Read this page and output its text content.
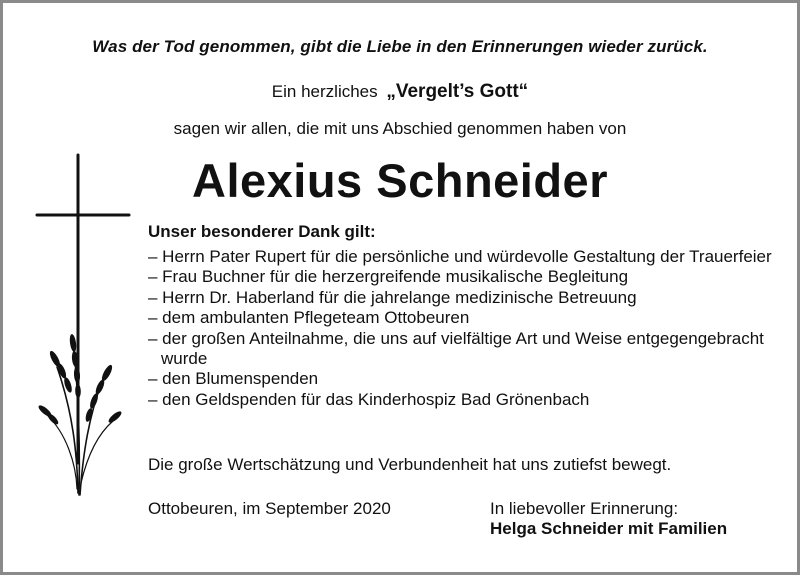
Was der Tod genommen, gibt die Liebe in den Erinnerungen wieder zurück.
Ein herzliches „Vergelt’s Gott“
sagen wir allen, die mit uns Abschied genommen haben von
Alexius Schneider
Unser besonderer Dank gilt:
– Herrn Pater Rupert für die persönliche und würdevolle Gestaltung der Trauerfeier
– Frau Buchner für die herzergreifende musikalische Begleitung
– Herrn Dr. Haberland für die jahrelange medizinische Betreuung
– dem ambulanten Pflegeteam Ottobeuren
– der großen Anteilnahme, die uns auf vielfältige Art und Weise entgegengebracht wurde
– den Blumenspenden
– den Geldspenden für das Kinderhospiz Bad Grönenbach
Die große Wertschätzung und Verbundenheit hat uns zutiefst bewegt.
Ottobeuren, im September 2020	In liebevoller Erinnerung:
Helga Schneider mit Familien
